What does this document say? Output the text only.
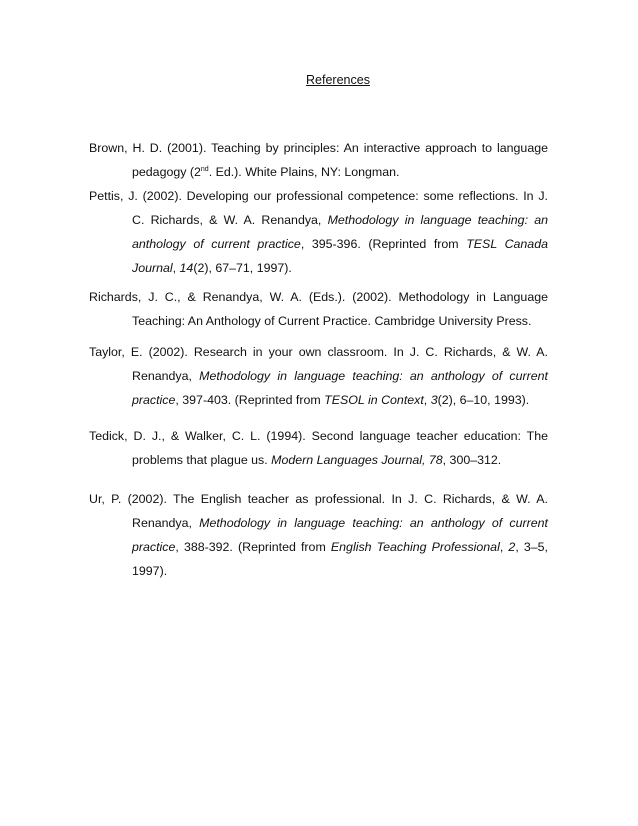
References
Brown, H. D. (2001). Teaching by principles: An interactive approach to language
pedagogy (2nd. Ed.). White Plains, NY: Longman.
Pettis, J. (2002). Developing our professional competence: some reflections. In J.
C. Richards, & W. A. Renandya, Methodology in language teaching: an
anthology of current practice, 395-396. (Reprinted from TESL Canada
Journal, 14(2), 67–71, 1997).
Richards, J. C., & Renandya, W. A. (Eds.). (2002). Methodology in Language
Teaching: An Anthology of Current Practice. Cambridge University Press.
Taylor, E. (2002). Research in your own classroom. In J. C. Richards, & W. A.
Renandya, Methodology in language teaching: an anthology of current
practice, 397-403. (Reprinted from TESOL in Context, 3(2), 6–10, 1993).
Tedick, D. J., & Walker, C. L. (1994). Second language teacher education: The
problems that plague us. Modern Languages Journal, 78, 300–312.
Ur, P. (2002). The English teacher as professional. In J. C. Richards, & W. A.
Renandya, Methodology in language teaching: an anthology of current
practice, 388-392. (Reprinted from English Teaching Professional, 2, 3–5,
1997).
